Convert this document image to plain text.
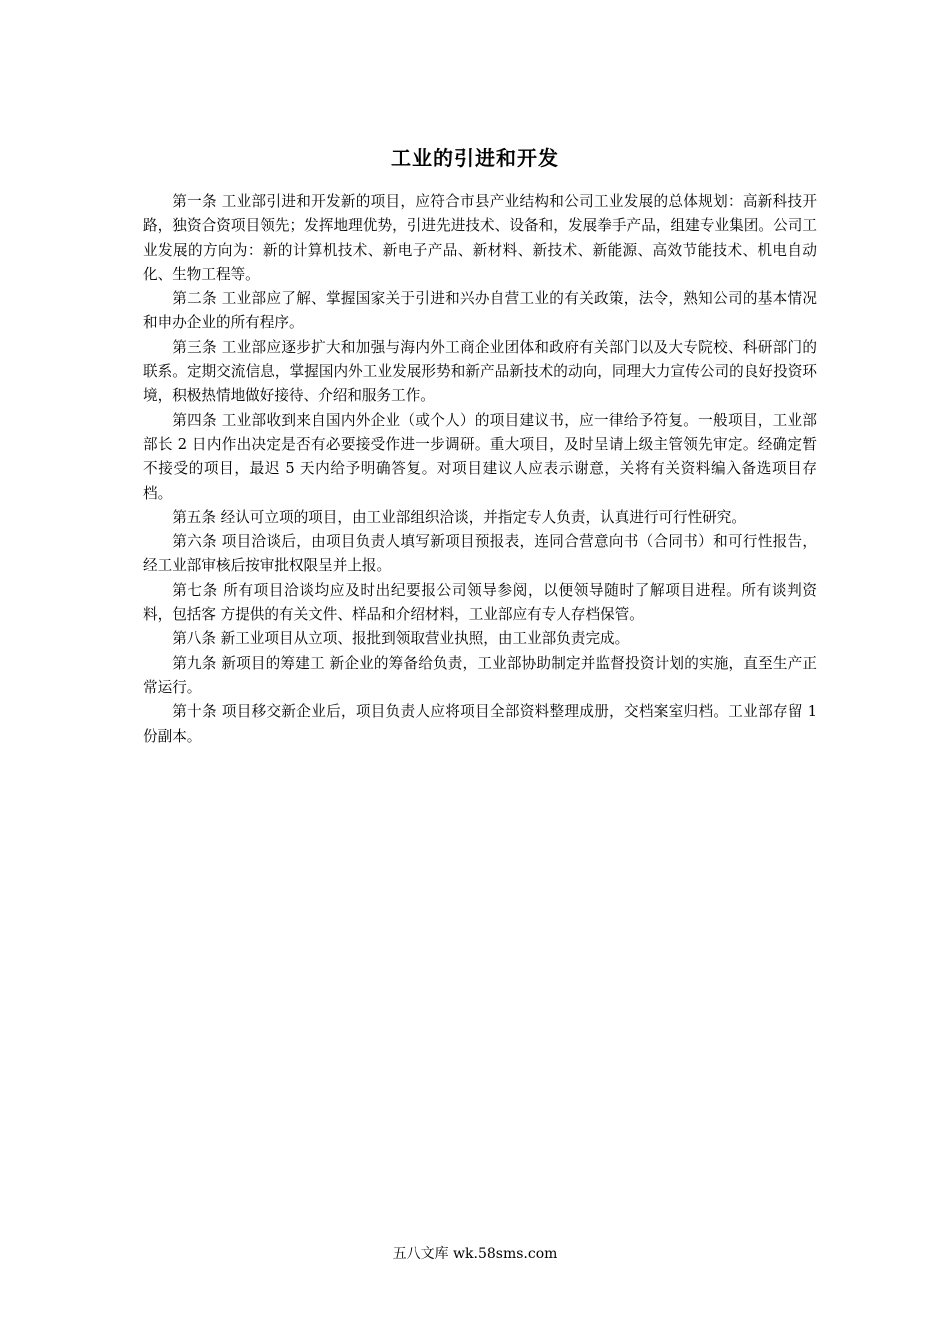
工业的引进和开发

第一条 工业部引进和开发新的项目，应符合市县产业结构和公司工业发展的总体规划：高新科技开路，独资合资项目领先；发挥地理优势，引进先进技术、设备和，发展拳手产品，组建专业集团。公司工业发展的方向为：新的计算机技术、新电子产品、新材料、新技术、新能源、高效节能技术、机电自动化、生物工程等。

第二条 工业部应了解、掌握国家关于引进和兴办自营工业的有关政策，法令，熟知公司的基本情况和申办企业的所有程序。

第三条 工业部应逐步扩大和加强与海内外工商企业团体和政府有关部门以及大专院校、科研部门的联系。定期交流信息，掌握国内外工业发展形势和新产品新技术的动向，同理大力宣传公司的良好投资环境，积极热情地做好接待、介绍和服务工作。

第四条 工业部收到来自国内外企业（或个人）的项目建议书，应一律给予符复。一般项目，工业部部长 2 日内作出决定是否有必要接受作进一步调研。重大项目，及时呈请上级主管领先审定。经确定暂不接受的项目，最迟 5 天内给予明确答复。对项目建议人应表示谢意，关将有关资料编入备选项目存档。

第五条 经认可立项的项目，由工业部组织洽谈，并指定专人负责，认真进行可行性研究。

第六条 项目洽谈后，由项目负责人填写新项目预报表，连同合营意向书（合同书）和可行性报告，经工业部审核后按审批权限呈并上报。

第七条 所有项目洽谈均应及时出纪要报公司领导参阅，以便领导随时了解项目进程。所有谈判资料，包括客 方提供的有关文件、样品和介绍材料，工业部应有专人存档保管。

第八条 新工业项目从立项、报批到领取营业执照，由工业部负责完成。

第九条 新项目的筹建工 新企业的筹备给负责，工业部协助制定并监督投资计划的实施，直至生产正常运行。

第十条 项目移交新企业后，项目负责人应将项目全部资料整理成册，交档案室归档。工业部存留 1 份副本。

五八文库 wk.58sms.com
